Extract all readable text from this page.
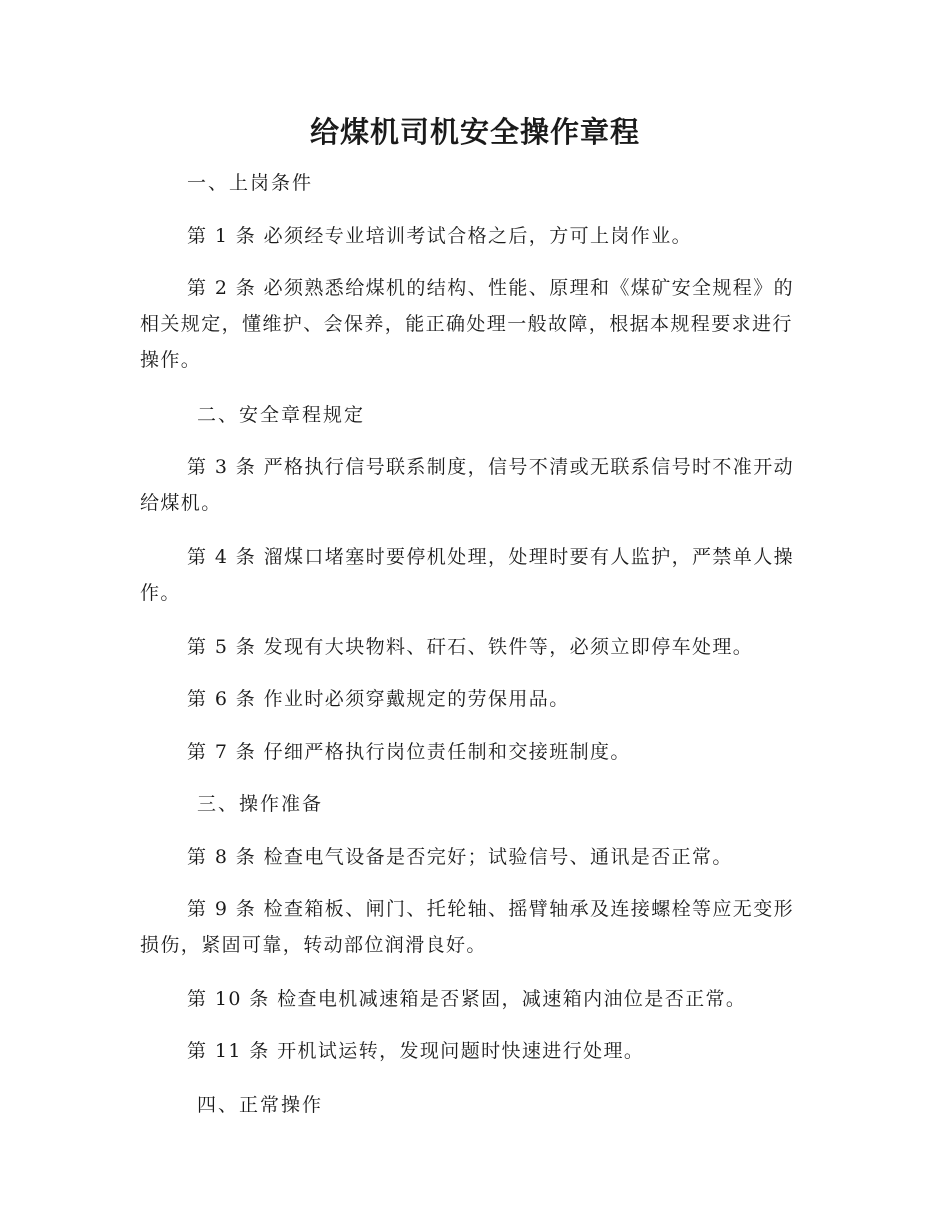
给煤机司机安全操作章程

一、上岗条件

第 1 条 必须经专业培训考试合格之后，方可上岗作业。

第 2 条 必须熟悉给煤机的结构、性能、原理和《煤矿安全规程》的相关规定，懂维护、会保养，能正确处理一般故障，根据本规程要求进行操作。

二、安全章程规定

第 3 条 严格执行信号联系制度，信号不清或无联系信号时不准开动给煤机。

第 4 条 溜煤口堵塞时要停机处理，处理时要有人监护，严禁单人操作。

第 5 条 发现有大块物料、矸石、铁件等，必须立即停车处理。

第 6 条 作业时必须穿戴规定的劳保用品。

第 7 条 仔细严格执行岗位责任制和交接班制度。

三、操作准备

第 8 条 检查电气设备是否完好；试验信号、通讯是否正常。

第 9 条 检查箱板、闸门、托轮轴、摇臂轴承及连接螺栓等应无变形损伤，紧固可靠，转动部位润滑良好。

第 10 条 检查电机减速箱是否紧固，减速箱内油位是否正常。

第 11 条 开机试运转，发现问题时快速进行处理。

四、正常操作
